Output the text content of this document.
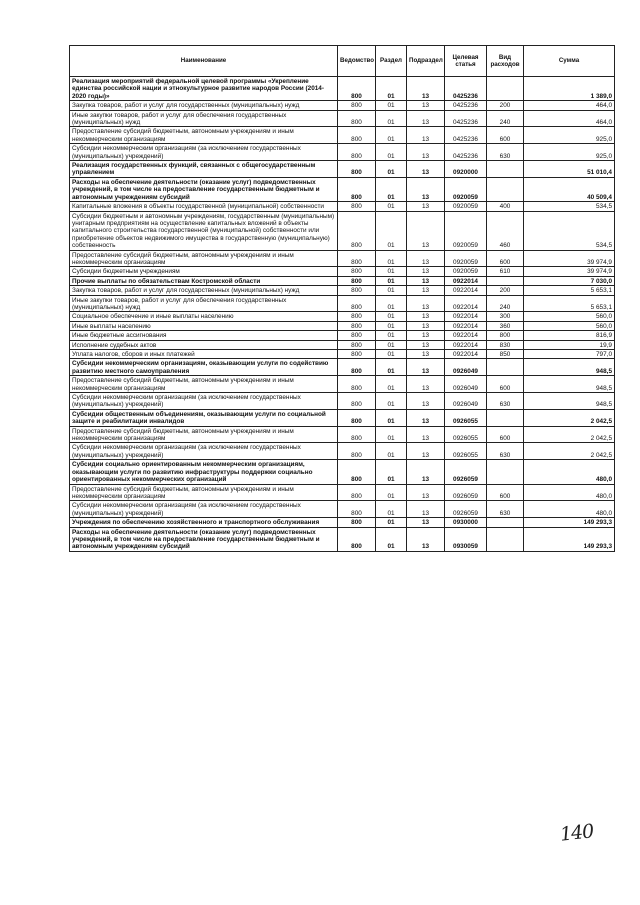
Наименование	Ведомство	Раздел	Подраздел	Целевая статья	Вид расходов	Сумма
Реализация мероприятий федеральной целевой программы «Укрепление единства российской нации и этнокультурное развитие народов России (2014-2020 годы)»	800	01	13	0425236		1 389,0
Закупка товаров, работ и услуг для государственных (муниципальных) нужд	800	01	13	0425236	200	464,0
Иные закупки товаров, работ и услуг для обеспечения государственных (муниципальных) нужд	800	01	13	0425236	240	464,0
Предоставление субсидий бюджетным, автономным учреждениям и иным некоммерческим организациям	800	01	13	0425236	600	925,0
Субсидии некоммерческим организациям (за исключением государственных (муниципальных) учреждений)	800	01	13	0425236	630	925,0
Реализация государственных функций, связанных с общегосударственным управлением	800	01	13	0920000		51 010,4
Расходы на обеспечение деятельности (оказание услуг) подведомственных учреждений, в том числе на предоставление государственным бюджетным и автономным учреждениям субсидий	800	01	13	0920059		40 509,4
Капитальные вложения в объекты государственной (муниципальной) собственности	800	01	13	0920059	400	534,5
Субсидии бюджетным и автономным учреждениям, государственным (муниципальным) унитарным предприятиям на осуществление капитальных вложений в объекты капитального строительства государственной (муниципальной) собственности или приобретение объектов недвижимого имущества в государственную (муниципальную) собственность	800	01	13	0920059	460	534,5
Предоставление субсидий бюджетным, автономным учреждениям и иным некоммерческим организациям	800	01	13	0920059	600	39 974,9
Субсидии бюджетным учреждениям	800	01	13	0920059	610	39 974,9
Прочие выплаты по обязательствам Костромской области	800	01	13	0922014		7 030,0
Закупка товаров, работ и услуг для государственных (муниципальных) нужд	800	01	13	0922014	200	5 653,1
Иные закупки товаров, работ и услуг для обеспечения государственных (муниципальных) нужд	800	01	13	0922014	240	5 653,1
Социальное обеспечение и иные выплаты населению	800	01	13	0922014	300	560,0
Иные выплаты населению	800	01	13	0922014	360	560,0
Иные бюджетные ассигнования	800	01	13	0922014	800	816,9
Исполнение судебных актов	800	01	13	0922014	830	19,9
Уплата налогов, сборов и иных платежей	800	01	13	0922014	850	797,0
Субсидии некоммерческим организациям, оказывающим услуги по содействию развитию местного самоуправления	800	01	13	0926049		948,5
Предоставление субсидий бюджетным, автономным учреждениям и иным некоммерческим организациям	800	01	13	0926049	600	948,5
Субсидии некоммерческим организациям (за исключением государственных (муниципальных) учреждений)	800	01	13	0926049	630	948,5
Субсидии общественным объединениям, оказывающим услуги по социальной защите и реабилитации инвалидов	800	01	13	0926055		2 042,5
Предоставление субсидий бюджетным, автономным учреждениям и иным некоммерческим организациям	800	01	13	0926055	600	2 042,5
Субсидии некоммерческим организациям (за исключением государственных (муниципальных) учреждений)	800	01	13	0926055	630	2 042,5
Субсидии социально ориентированным некоммерческим организациям, оказывающим услуги по развитию инфраструктуры поддержки социально ориентированных некоммерческих организаций	800	01	13	0926059		480,0
Предоставление субсидий бюджетным, автономным учреждениям и иным некоммерческим организациям	800	01	13	0926059	600	480,0
Субсидии некоммерческим организациям (за исключением государственных (муниципальных) учреждений)	800	01	13	0926059	630	480,0
Учреждения по обеспечению хозяйственного и транспортного обслуживания	800	01	13	0930000		149 293,3
Расходы на обеспечение деятельности (оказание услуг) подведомственных учреждений, в том числе на предоставление государственным бюджетным и автономным учреждениям субсидий	800	01	13	0930059		149 293,3
140
